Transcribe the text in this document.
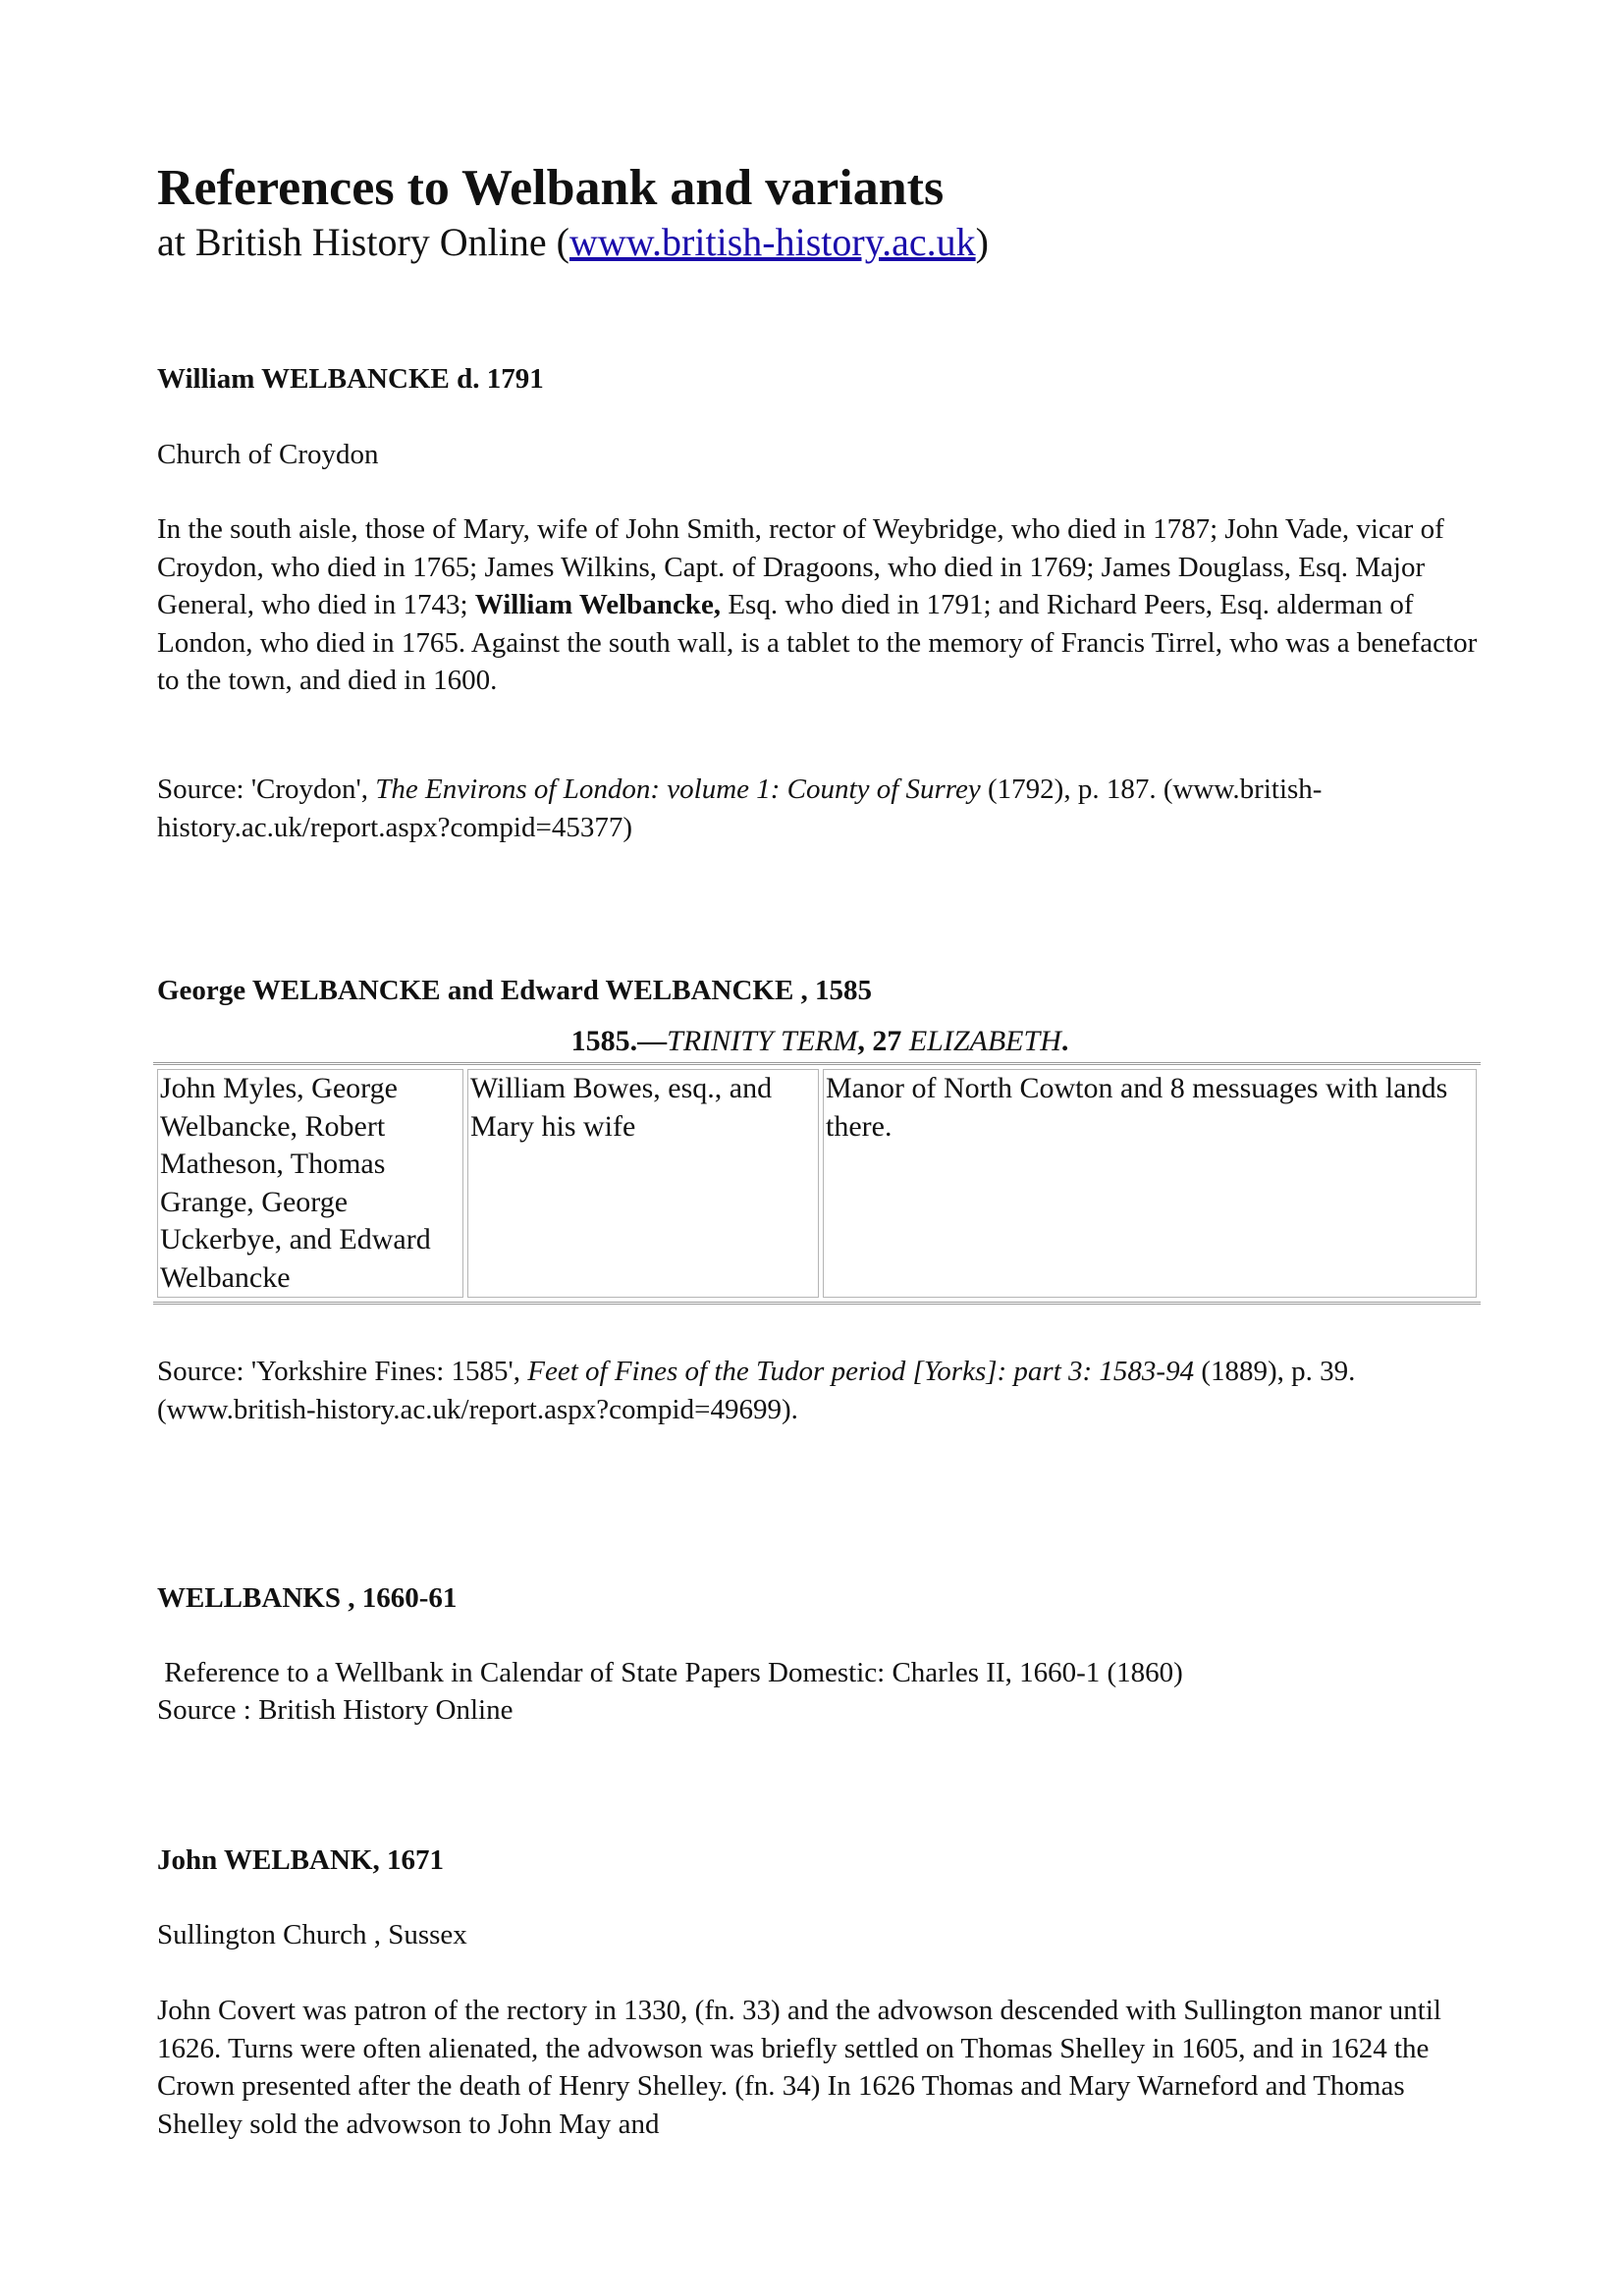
References to Welbank and variants
at British History Online (www.british-history.ac.uk)
William WELBANCKE d. 1791
Church of Croydon
In the south aisle, those of Mary, wife of John Smith, rector of Weybridge, who died in 1787; John Vade, vicar of Croydon, who died in 1765; James Wilkins, Capt. of Dragoons, who died in 1769; James Douglass, Esq. Major General, who died in 1743; William Welbancke, Esq. who died in 1791; and Richard Peers, Esq. alderman of London, who died in 1765. Against the south wall, is a tablet to the memory of Francis Tirrel, who was a benefactor to the town, and died in 1600.
Source: 'Croydon', The Environs of London: volume 1: County of Surrey (1792), p. 187. (www.british-history.ac.uk/report.aspx?compid=45377)
George WELBANCKE and Edward WELBANCKE , 1585
1585.—TRINITY TERM, 27 ELIZABETH.
John Myles, George Welbancke, Robert Matheson, Thomas Grange, George Uckerbye, and Edward Welbancke	William Bowes, esq., and Mary his wife	Manor of North Cowton and 8 messuages with lands there.
Source: 'Yorkshire Fines: 1585', Feet of Fines of the Tudor period [Yorks]: part 3: 1583-94 (1889), p. 39. (www.british-history.ac.uk/report.aspx?compid=49699).
WELLBANKS , 1660-61
Reference to a Wellbank in Calendar of State Papers Domestic: Charles II, 1660-1 (1860)
Source : British History Online
John WELBANK, 1671
Sullington Church , Sussex
John Covert was patron of the rectory in 1330, (fn. 33) and the advowson descended with Sullington manor until 1626. Turns were often alienated, the advowson was briefly settled on Thomas Shelley in 1605, and in 1624 the Crown presented after the death of Henry Shelley. (fn. 34) In 1626 Thomas and Mary Warneford and Thomas Shelley sold the advowson to John May and
